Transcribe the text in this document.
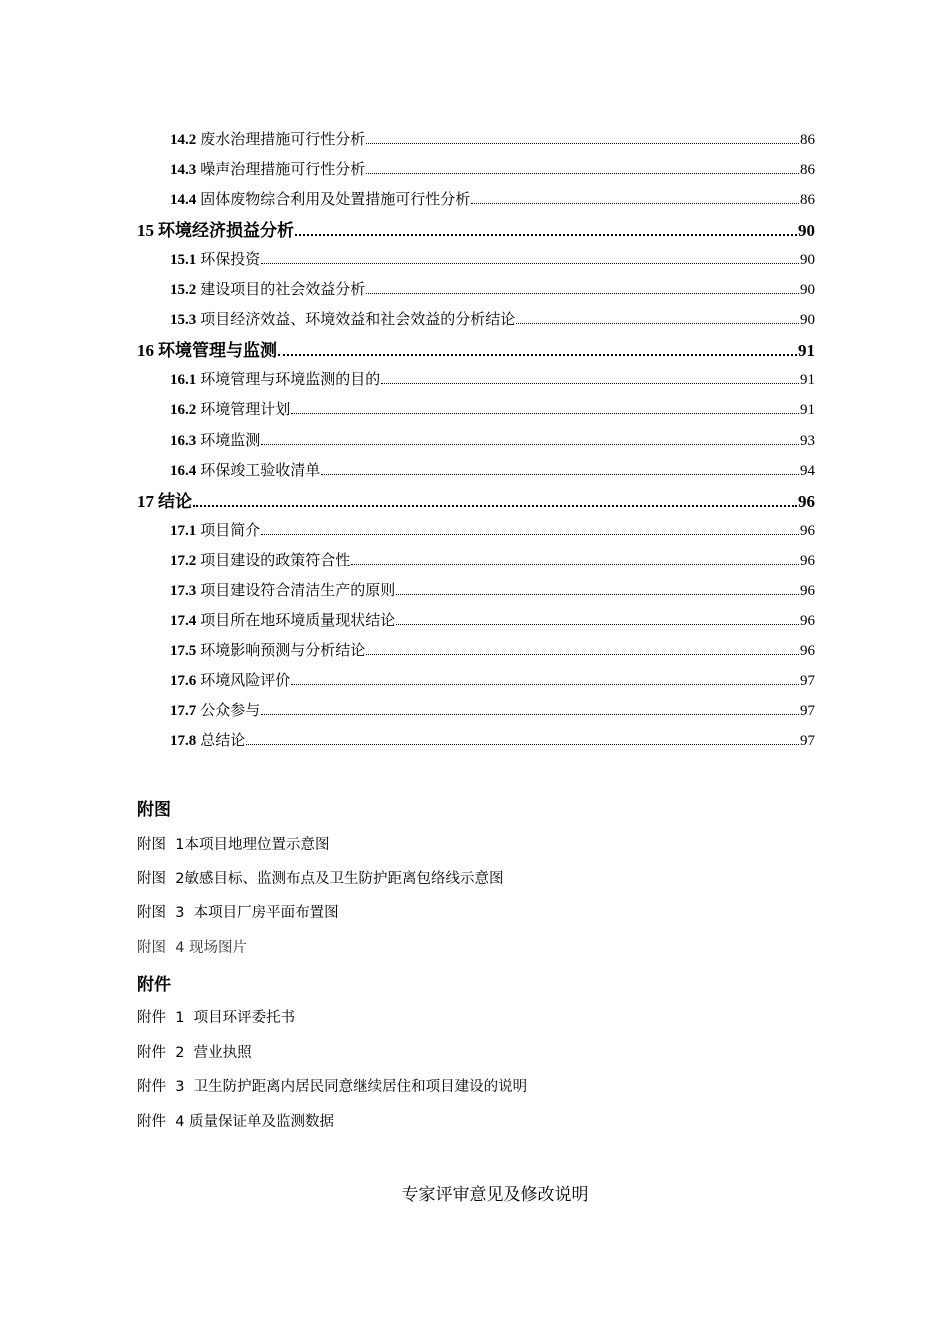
14.2 废水治理措施可行性分析	86
14.3 噪声治理措施可行性分析	86
14.4 固体废物综合利用及处置措施可行性分析	86
15 环境经济损益分析	90
15.1 环保投资	90
15.2 建设项目的社会效益分析	90
15.3 项目经济效益、环境效益和社会效益的分析结论	90
16 环境管理与监测	91
16.1 环境管理与环境监测的目的	91
16.2 环境管理计划	91
16.3 环境监测	93
16.4 环保竣工验收清单	94
17 结论	96
17.1 项目简介	96
17.2 项目建设的政策符合性	96
17.3 项目建设符合清洁生产的原则	96
17.4 项目所在地环境质量现状结论	96
17.5 环境影响预测与分析结论	96
17.6 环境风险评价	97
17.7 公众参与	97
17.8 总结论	97
附图
附图  1本项目地理位置示意图
附图  2敏感目标、监测布点及卫生防护距离包络线示意图
附图  3  本项目厂房平面布置图
附图  4 现场图片
附件
附件  1  项目环评委托书
附件  2  营业执照
附件  3  卫生防护距离内居民同意继续居住和项目建设的说明
附件  4 质量保证单及监测数据
专家评审意见及修改说明
